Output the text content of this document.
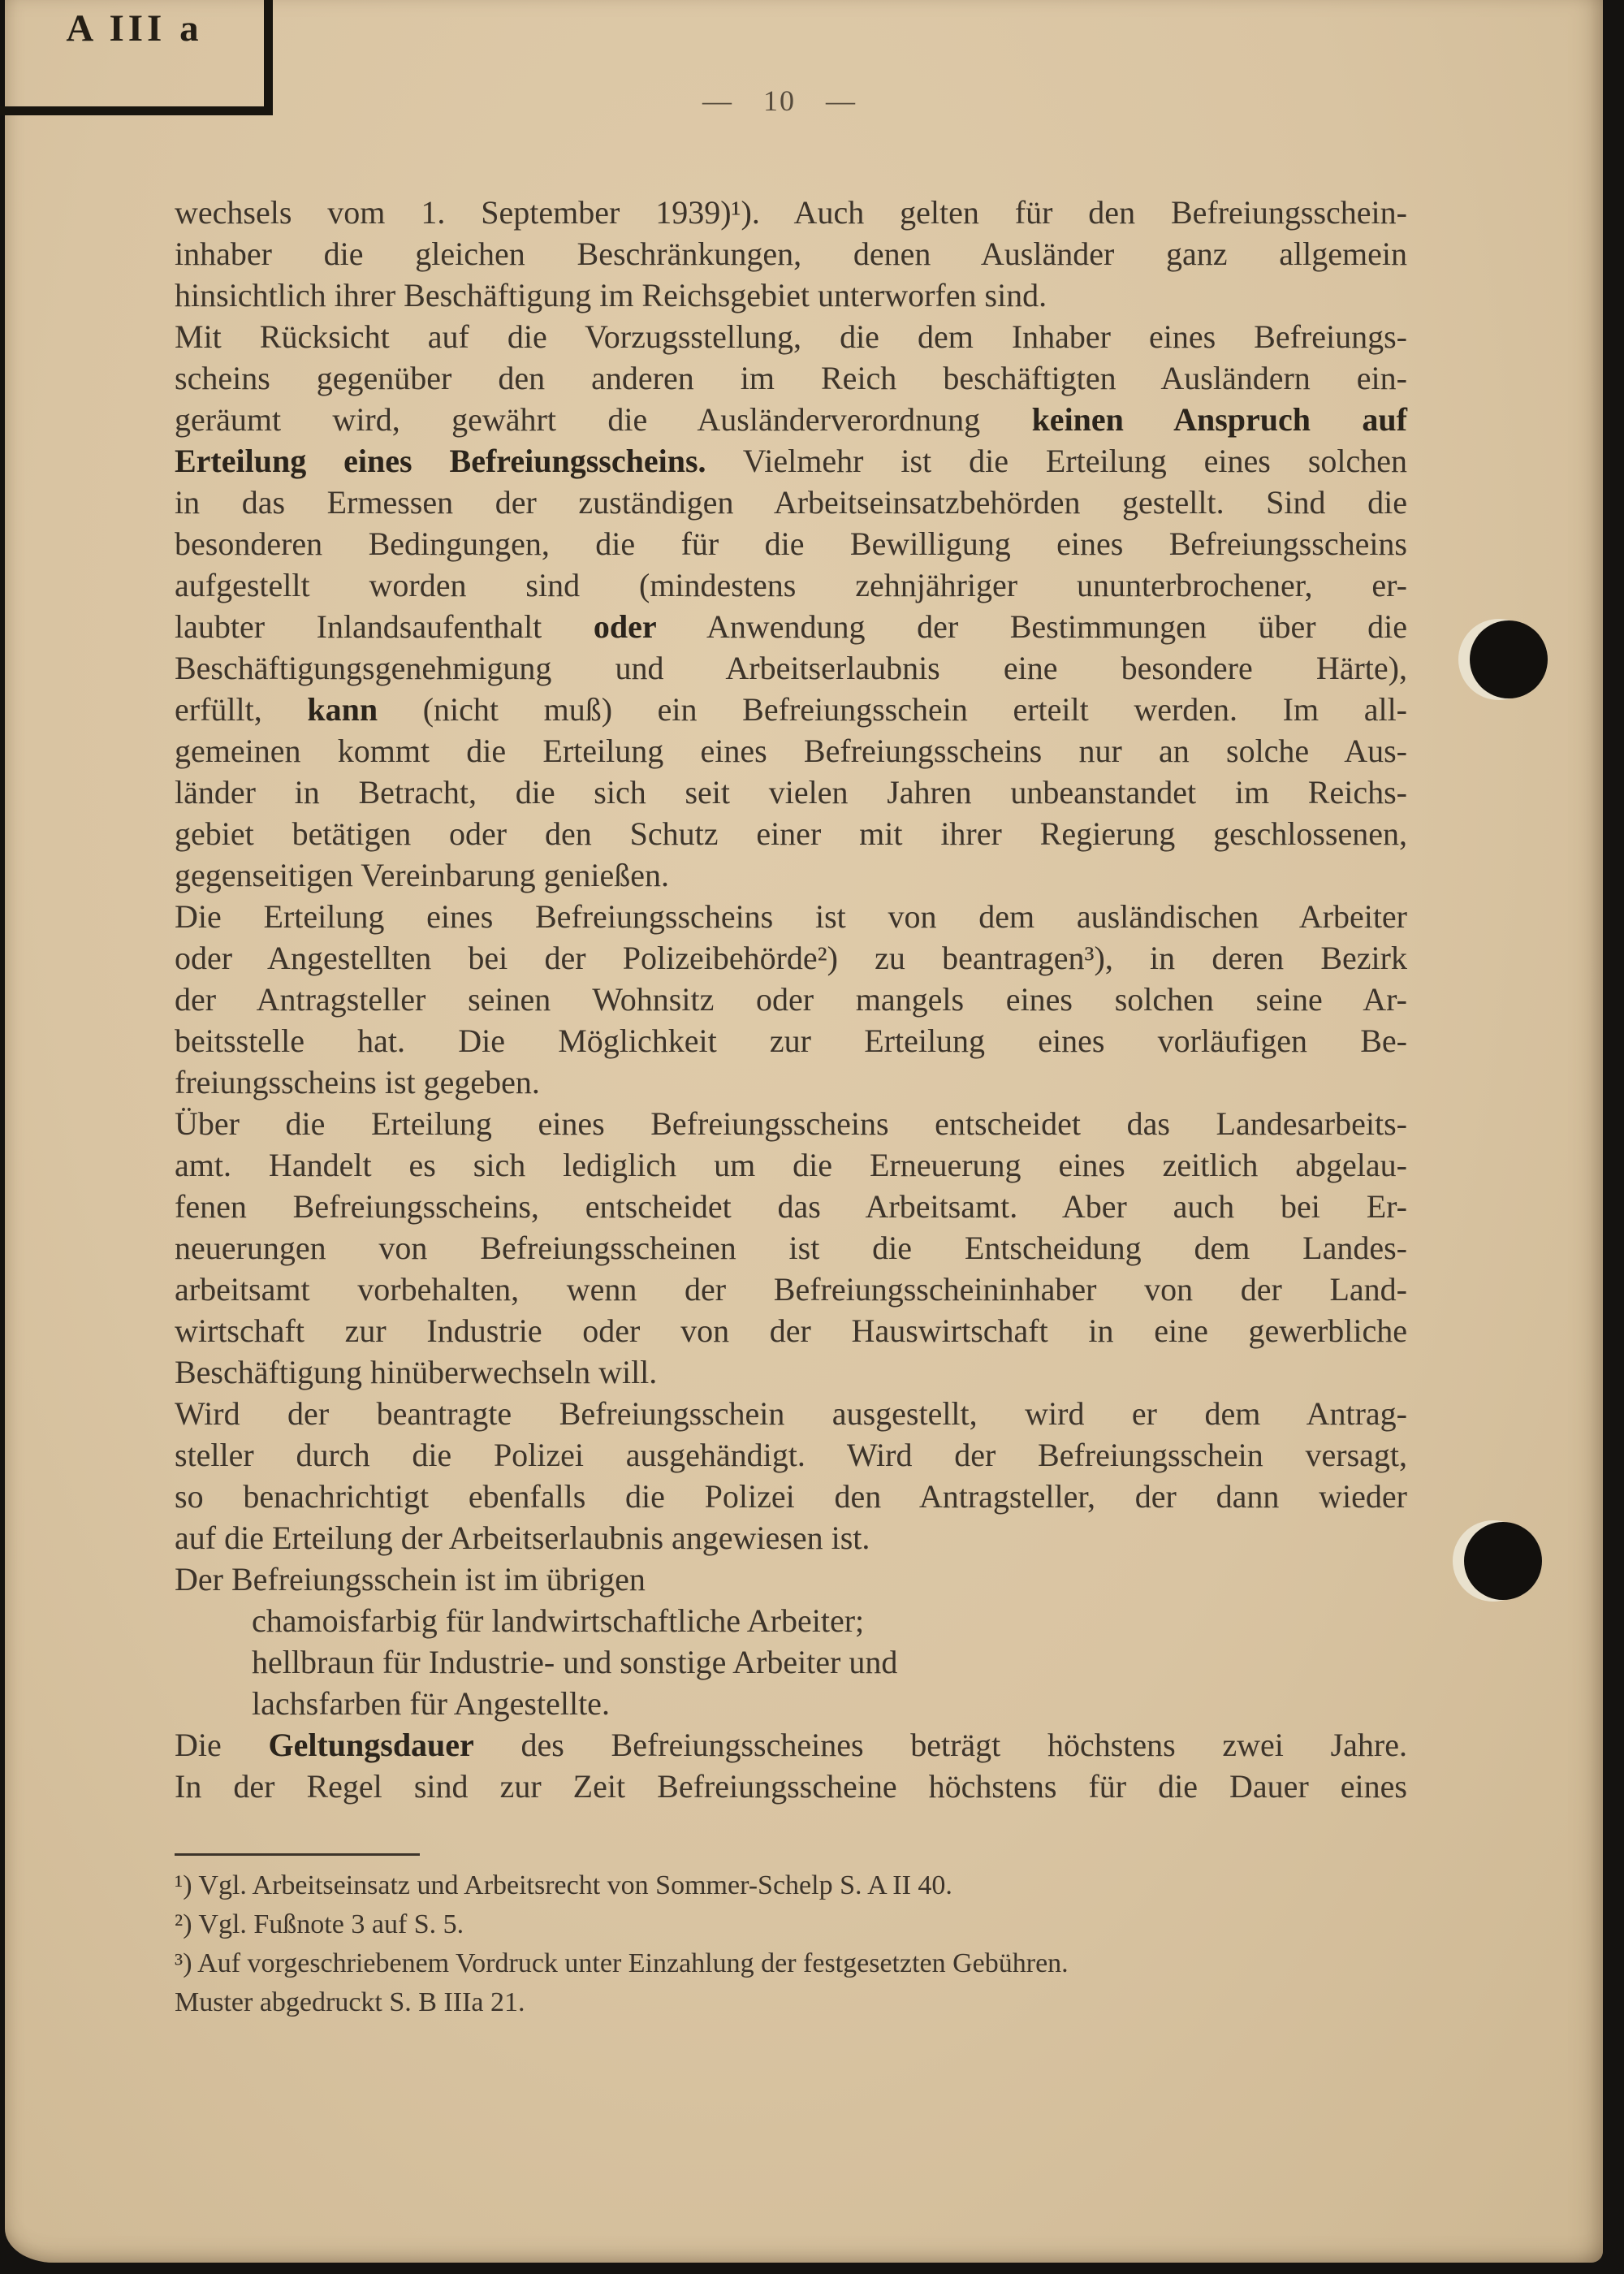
A III a
— 10 —
wechsels vom 1. September 1939)¹). Auch gelten für den Befreiungsschein-
inhaber die gleichen Beschränkungen, denen Ausländer ganz allgemein
hinsichtlich ihrer Beschäftigung im Reichsgebiet unterworfen sind.
Mit Rücksicht auf die Vorzugsstellung, die dem Inhaber eines Befreiungs-
scheins gegenüber den anderen im Reich beschäftigten Ausländern ein-
geräumt wird, gewährt die Ausländerverordnung keinen Anspruch auf
Erteilung eines Befreiungsscheins. Vielmehr ist die Erteilung eines solchen
in das Ermessen der zuständigen Arbeitseinsatzbehörden gestellt. Sind die
besonderen Bedingungen, die für die Bewilligung eines Befreiungsscheins
aufgestellt worden sind (mindestens zehnjähriger ununterbrochener, er-
laubter Inlandsaufenthalt oder Anwendung der Bestimmungen über die
Beschäftigungsgenehmigung und Arbeitserlaubnis eine besondere Härte),
erfüllt, kann (nicht muß) ein Befreiungsschein erteilt werden. Im all-
gemeinen kommt die Erteilung eines Befreiungsscheins nur an solche Aus-
länder in Betracht, die sich seit vielen Jahren unbeanstandet im Reichs-
gebiet betätigen oder den Schutz einer mit ihrer Regierung geschlossenen,
gegenseitigen Vereinbarung genießen.
Die Erteilung eines Befreiungsscheins ist von dem ausländischen Arbeiter
oder Angestellten bei der Polizeibehörde²) zu beantragen³), in deren Bezirk
der Antragsteller seinen Wohnsitz oder mangels eines solchen seine Ar-
beitsstelle hat. Die Möglichkeit zur Erteilung eines vorläufigen Be-
freiungsscheins ist gegeben.
Über die Erteilung eines Befreiungsscheins entscheidet das Landesarbeits-
amt. Handelt es sich lediglich um die Erneuerung eines zeitlich abgelau-
fenen Befreiungsscheins, entscheidet das Arbeitsamt. Aber auch bei Er-
neuerungen von Befreiungsscheinen ist die Entscheidung dem Landes-
arbeitsamt vorbehalten, wenn der Befreiungsscheininhaber von der Land-
wirtschaft zur Industrie oder von der Hauswirtschaft in eine gewerbliche
Beschäftigung hinüberwechseln will.
Wird der beantragte Befreiungsschein ausgestellt, wird er dem Antrag-
steller durch die Polizei ausgehändigt. Wird der Befreiungsschein versagt,
so benachrichtigt ebenfalls die Polizei den Antragsteller, der dann wieder
auf die Erteilung der Arbeitserlaubnis angewiesen ist.
Der Befreiungsschein ist im übrigen
chamoisfarbig für landwirtschaftliche Arbeiter;
hellbraun für Industrie- und sonstige Arbeiter und
lachsfarben für Angestellte.
Die Geltungsdauer des Befreiungsscheines beträgt höchstens zwei Jahre.
In der Regel sind zur Zeit Befreiungsscheine höchstens für die Dauer eines
¹) Vgl. Arbeitseinsatz und Arbeitsrecht von Sommer-Schelp S. A II 40.
²) Vgl. Fußnote 3 auf S. 5.
³) Auf vorgeschriebenem Vordruck unter Einzahlung der festgesetzten Gebühren.
Muster abgedruckt S. B IIIa 21.
